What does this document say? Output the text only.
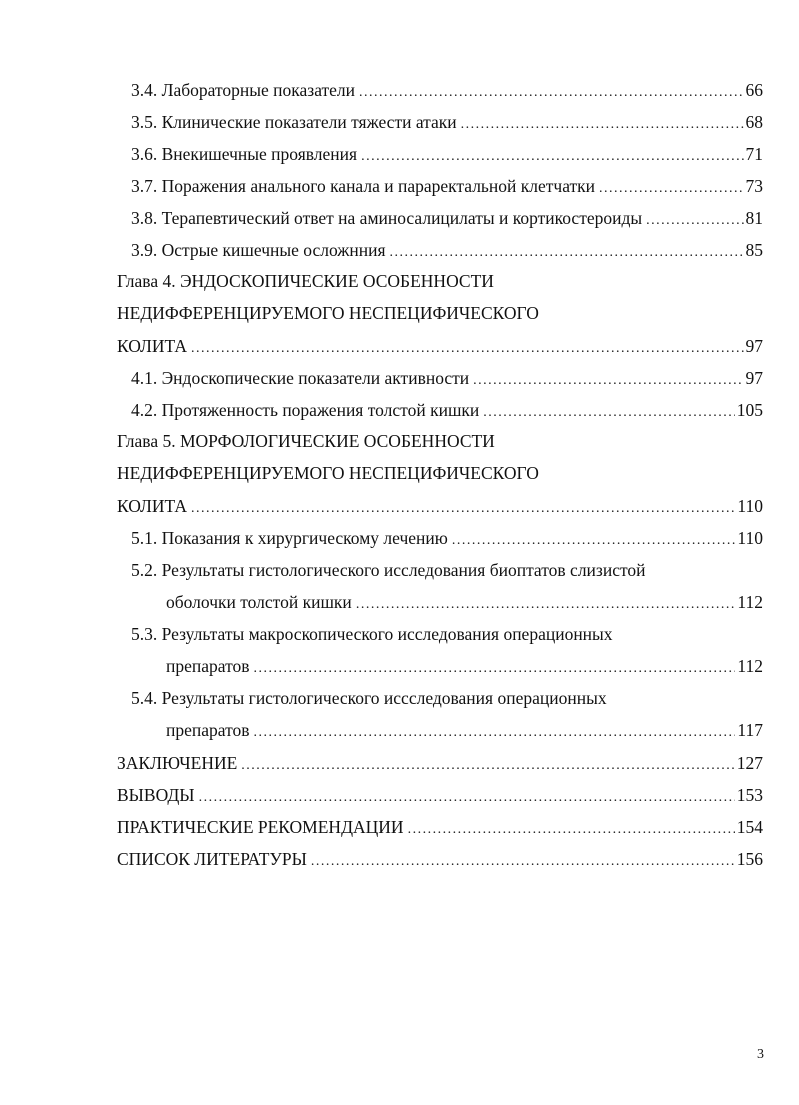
3.4. Лабораторные показатели . . .	66
3.5. Клинические показатели тяжести атаки . . .	68
3.6. Внекишечные проявления . . .	71
3.7. Поражения анального канала и параректальной клетчатки . . .	73
3.8. Терапевтический ответ на аминосалицилаты и кортикостероиды . . .	81
3.9. Острые кишечные осложнния . . .	85
Глава 4. ЭНДОСКОПИЧЕСКИЕ ОСОБЕННОСТИ
НЕДИФФЕРЕНЦИРУЕМОГО НЕСПЕЦИФИЧЕСКОГО
КОЛИТА . . .	97
4.1. Эндоскопические показатели активности . . .	97
4.2. Протяженность поражения толстой кишки . . .	105
Глава 5. МОРФОЛОГИЧЕСКИЕ ОСОБЕННОСТИ
НЕДИФФЕРЕНЦИРУЕМОГО НЕСПЕЦИФИЧЕСКОГО
КОЛИТА . . .	110
5.1. Показания к хирургическому лечению . . .	110
5.2. Результаты гистологического исследования биоптатов слизистой
оболочки толстой кишки . . .	112
5.3. Результаты макроскопического исследования операционных
препаратов . . .	112
5.4. Результаты гистологического иссследования операционных
препаратов . . .	117
ЗАКЛЮЧЕНИЕ . . .	127
ВЫВОДЫ . . .	153
ПРАКТИЧЕСКИЕ РЕКОМЕНДАЦИИ . . .	154
СПИСОК ЛИТЕРАТУРЫ . . .	156
3
